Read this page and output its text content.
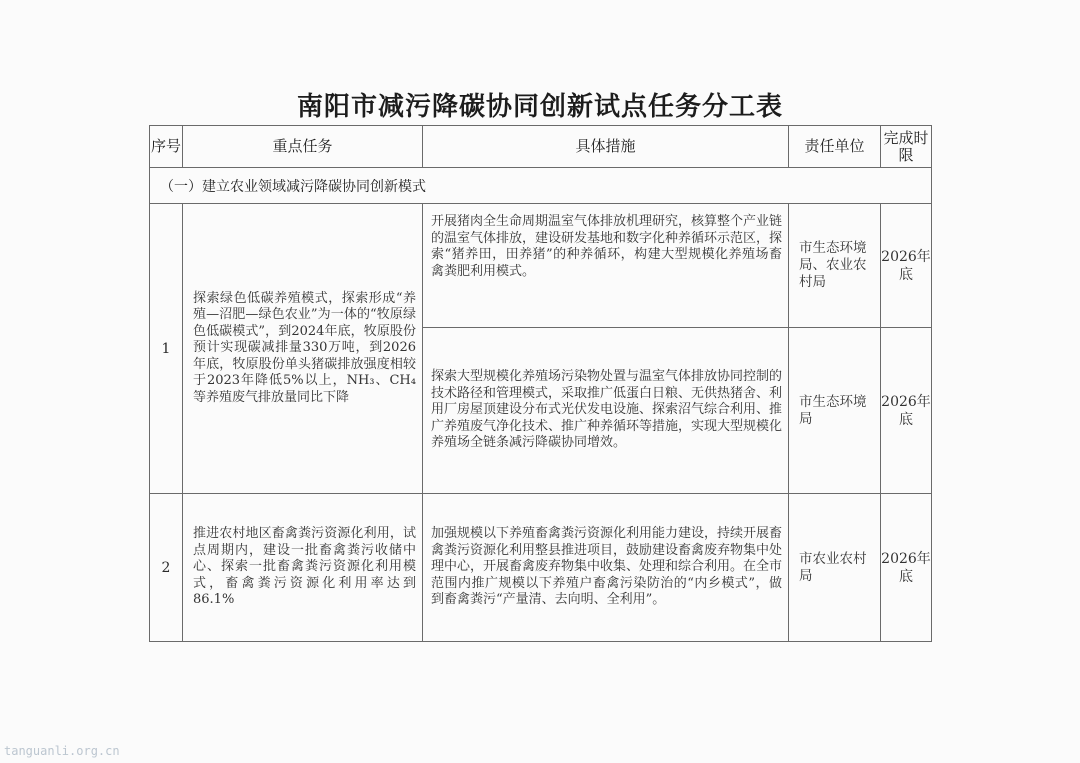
南阳市减污降碳协同创新试点任务分工表
序号	重点任务	具体措施	责任单位	完成时限
（一）建立农业领域减污降碳协同创新模式				
1	探索绿色低碳养殖模式，探索形成“养殖—沼肥—绿色农业”为一体的“牧原绿色低碳模式”，到2024年底，牧原股份预计实现碳减排量330万吨，到2026年底，牧原股份单头猪碳排放强度相较于2023年降低5%以上，NH₃、CH₄等养殖废气排放量同比下降	开展猪肉全生命周期温室气体排放机理研究，核算整个产业链的温室气体排放，建设研发基地和数字化种养循环示范区，探索“猪养田，田养猪”的种养循环，构建大型规模化养殖场畜禽粪肥利用模式。	市生态环境局、农业农村局	2026年底
		探索大型规模化养殖场污染物处置与温室气体排放协同控制的技术路径和管理模式，采取推广低蛋白日粮、无供热猪舍、利用厂房屋顶建设分布式光伏发电设施、探索沼气综合利用、推广养殖废气净化技术、推广种养循环等措施，实现大型规模化养殖场全链条减污降碳协同增效。	市生态环境局	2026年底
2	推进农村地区畜禽粪污资源化利用，试点周期内，建设一批畜禽粪污收储中心、探索一批畜禽粪污资源化利用模式，畜禽粪污资源化利用率达到86.1%	加强规模以下养殖畜禽粪污资源化利用能力建设，持续开展畜禽粪污资源化利用整县推进项目，鼓励建设畜禽废弃物集中处理中心，开展畜禽废弃物集中收集、处理和综合利用。在全市范围内推广规模以下养殖户畜禽污染防治的“内乡模式”，做到畜禽粪污“产量清、去向明、全利用”。	市农业农村局	2026年底
tanguanli.org.cn
